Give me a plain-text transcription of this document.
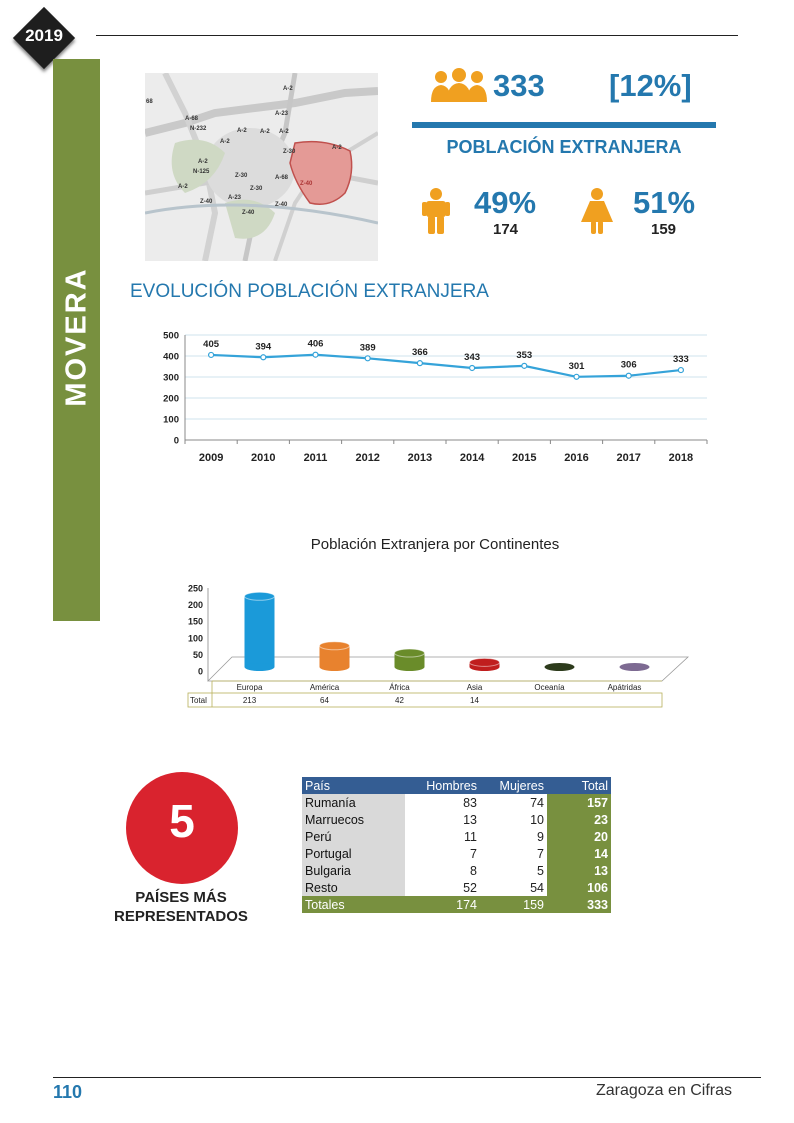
2019
MOVERA
68
A-68
N-232
A-2
A-23
A-2 A-2 A-2
Z-30
A-2
A-2
N-125
Z-30
A-2
Z-30
A-68
Z-40	Z-40
A-23
Z-40
Z-40
A-2
333 [12%]
POBLACIÓN EXTRANJERA
49%
174
51%
159
EVOLUCIÓN POBLACIÓN EXTRANJERA
0
100
200
300
400
500
2009	2010	2011	2012	2013	2014	2015	2016	2017	2018
405	394	406	389	366	343	353
301	306
333
Población Extranjera por Continentes
0
50
100
150
200
250
Total
Europa
213
América
64
África
42
Asia
14
Oceanía	Apátridas
5
PAÍSES MÁS
REPRESENTADOS
País	Hombres	Mujeres	Total
Rumanía	83	74	157
Marruecos	13	10	23
Perú	11	9	20
Portugal	7	7	14
Bulgaria	8	5	13
Resto	52	54	106
Totales	174	159	333
110	Zaragoza en Cifras
